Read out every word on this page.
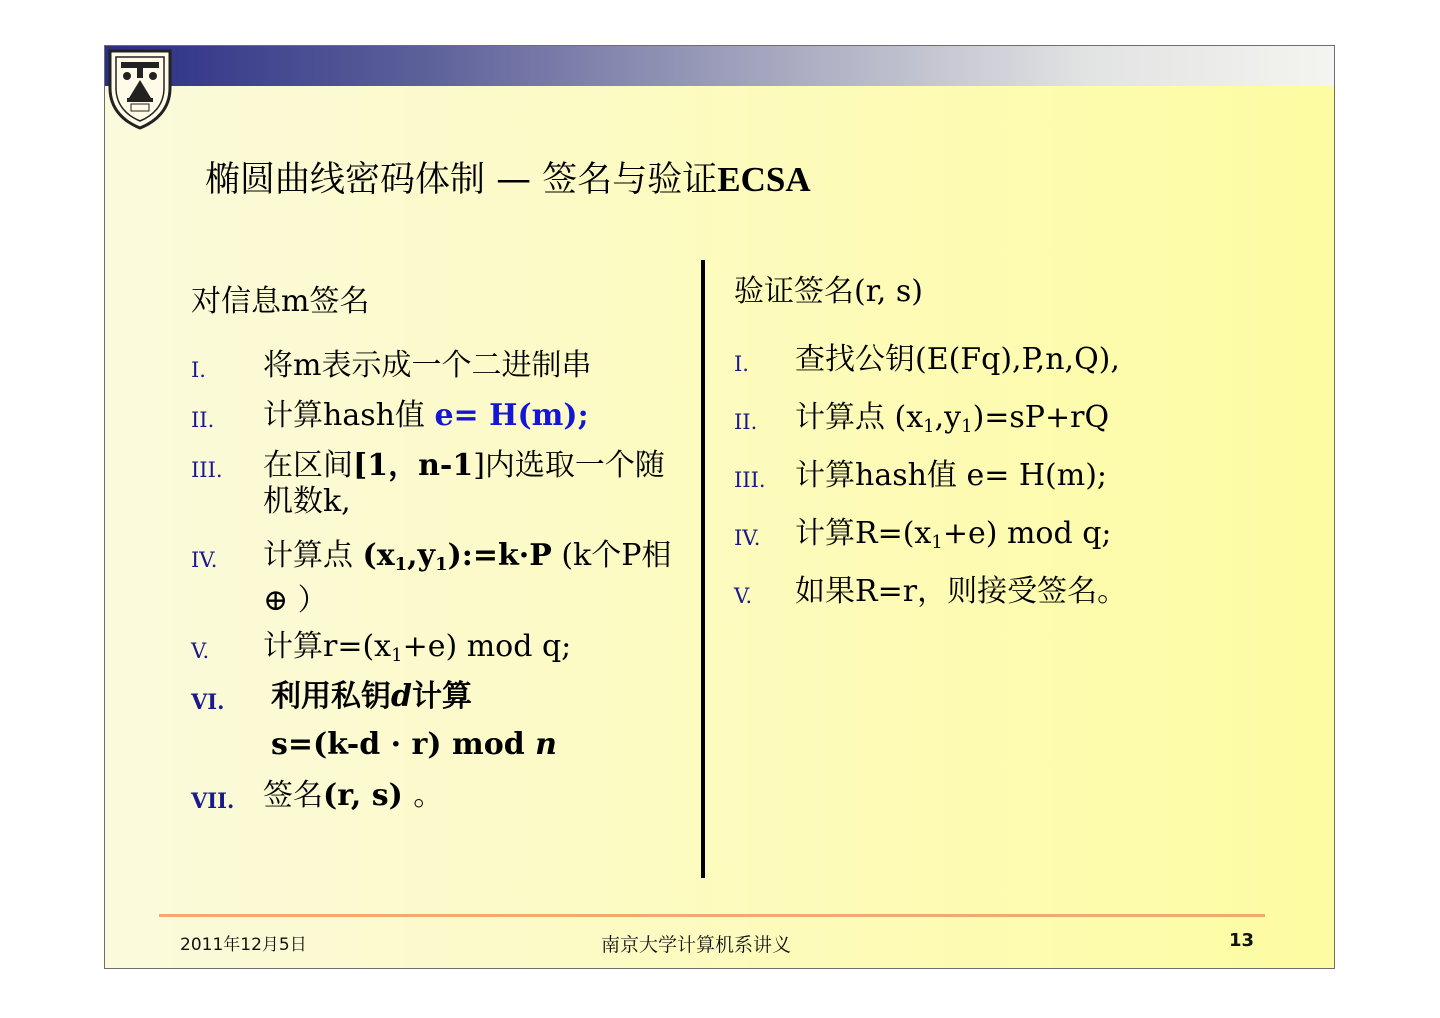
椭圆曲线密码体制 — 签名与验证ECSA
对信息m签名
I. 将m表示成一个二进制串
II. 计算hash值 e= H(m);
III. 在区间[1，n-1]内选取一个随
机数k,
IV. 计算点 $(x_1,y_1):=k\cdot P$ (k个P相
⊕ ）
V. 计算$r=(x_1+e)$ mod q;
VI. 利用私钥d计算
s=(k-d · r) mod n
VII. 签名(r, s) 。
验证签名(r, s)
I. 查找公钥(E(Fq),P,n,Q),
II. 计算点 $(x_1,y_1)=sP+rQ$
III. 计算hash值 e= H(m);
IV. 计算$R=(x_1+e)$ mod q;
V. 如果R=r，则接受签名。
2011年12月5日	南京大学计算机系讲义	13
